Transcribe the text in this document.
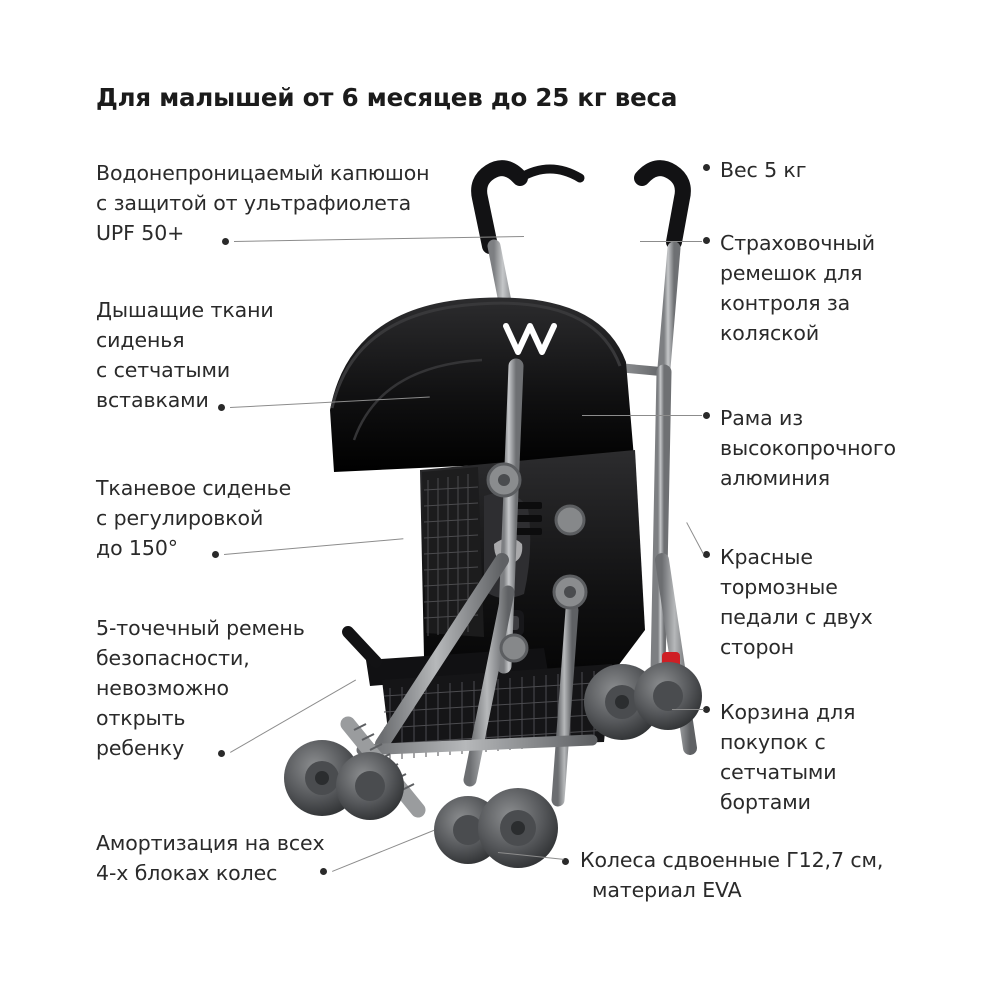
Для малышей от 6 месяцев до 25 кг веса
Водонепроницаемый капюшон
с защитой от ультрафиолета
UPF 50+
Дышащие ткани
сиденья
с сетчатыми
вставками
Тканевое сиденье
с регулировкой
до 150°
5-точечный ремень
безопасности,
невозможно
открыть
ребенку
Амортизация на всех
4-х блоках колес
Вес 5 кг
Страховочный
ремешок для
контроля за
коляской
Рама из
высокопрочного
алюминия
Красные
тормозные
педали с двух
сторон
Корзина для
покупок с
сетчатыми
бортами
Колеса сдвоенные Г12,7 см,
материал EVA
